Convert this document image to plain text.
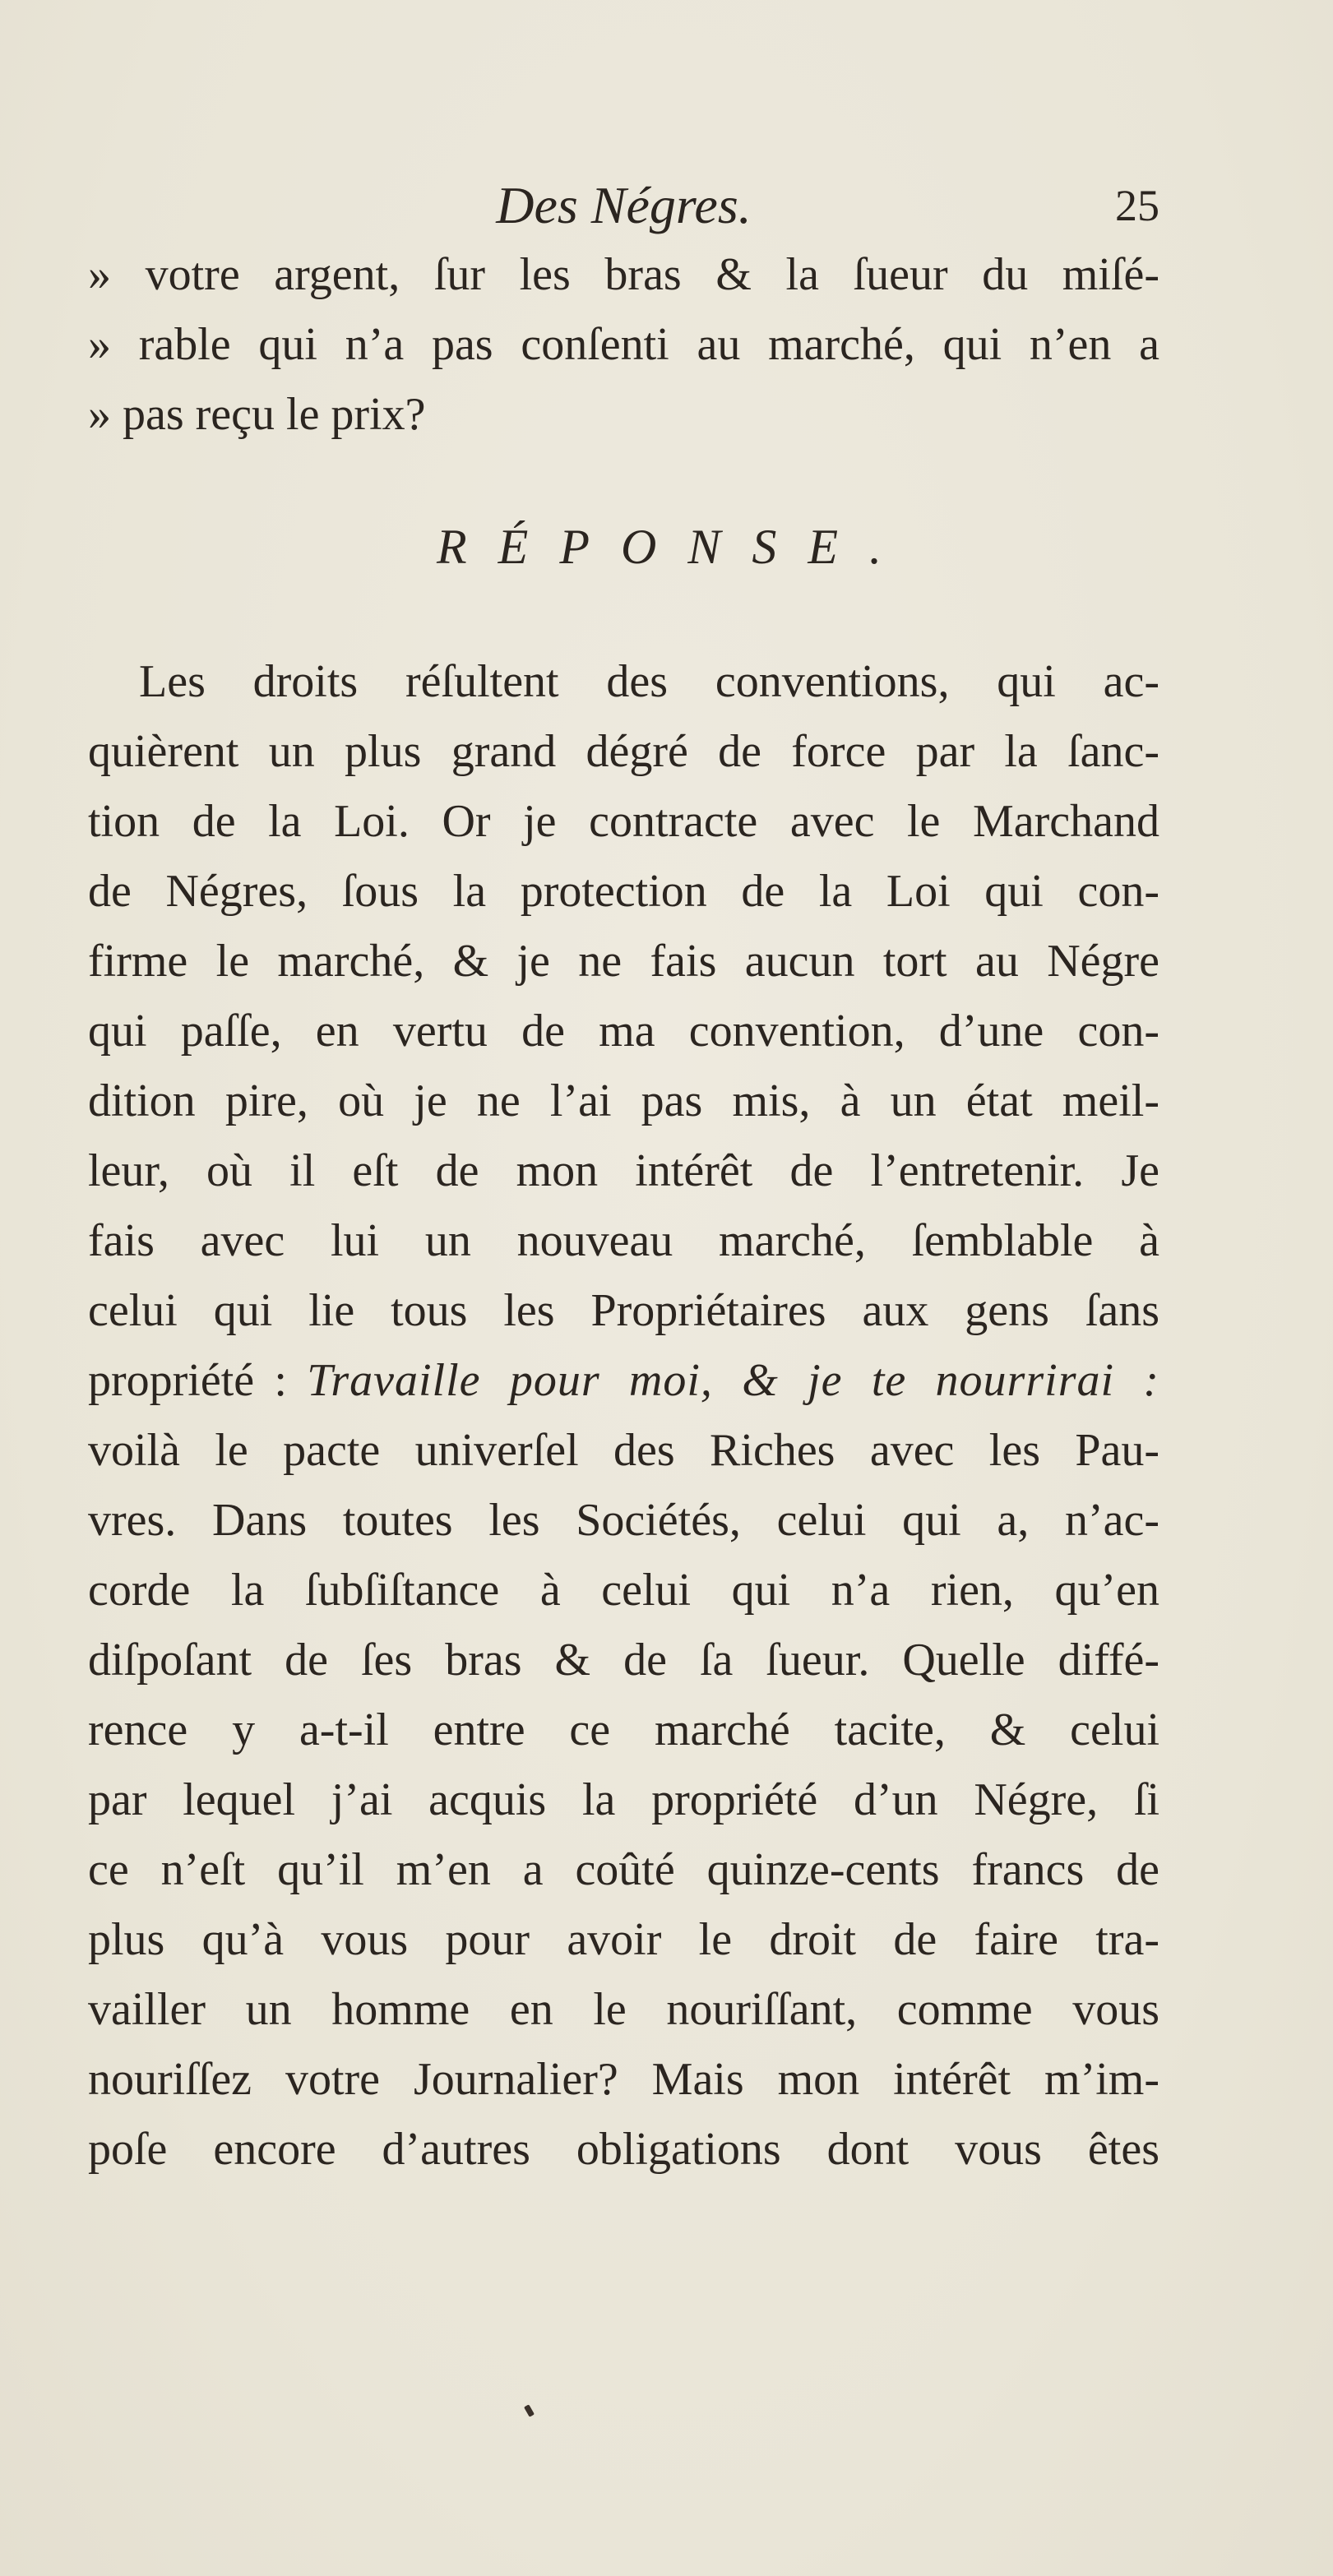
Des Négres.	25
» votre argent, ſur les bras & la ſueur du miſé-
» rable qui n’a pas conſenti au marché, qui n’en a
» pas reçu le prix?
RÉPONSE.
Les droits réſultent des conventions, qui ac-
quièrent un plus grand dégré de force par la ſanc-
tion de la Loi. Or je contracte avec le Marchand
de Négres, ſous la protection de la Loi qui con-
firme le marché, & je ne fais aucun tort au Négre
qui paſſe, en vertu de ma convention, d’une con-
dition pire, où je ne l’ai pas mis, à un état meil-
leur, où il eſt de mon intérêt de l’entretenir. Je
fais avec lui un nouveau marché, ſemblable à
celui qui lie tous les Propriétaires aux gens ſans
propriété : Travaille pour moi, & je te nourrirai :
voilà le pacte univerſel des Riches avec les Pau-
vres. Dans toutes les Sociétés, celui qui a, n’ac-
corde la ſubſiſtance à celui qui n’a rien, qu’en
diſpoſant de ſes bras & de ſa ſueur. Quelle diffé-
rence y a-t-il entre ce marché tacite, & celui
par lequel j’ai acquis la propriété d’un Négre, ſi
ce n’eſt qu’il m’en a coûté quinze-cents francs de
plus qu’à vous pour avoir le droit de faire tra-
vailler un homme en le nouriſſant, comme vous
nouriſſez votre Journalier? Mais mon intérêt m’im-
poſe encore d’autres obligations dont vous êtes
